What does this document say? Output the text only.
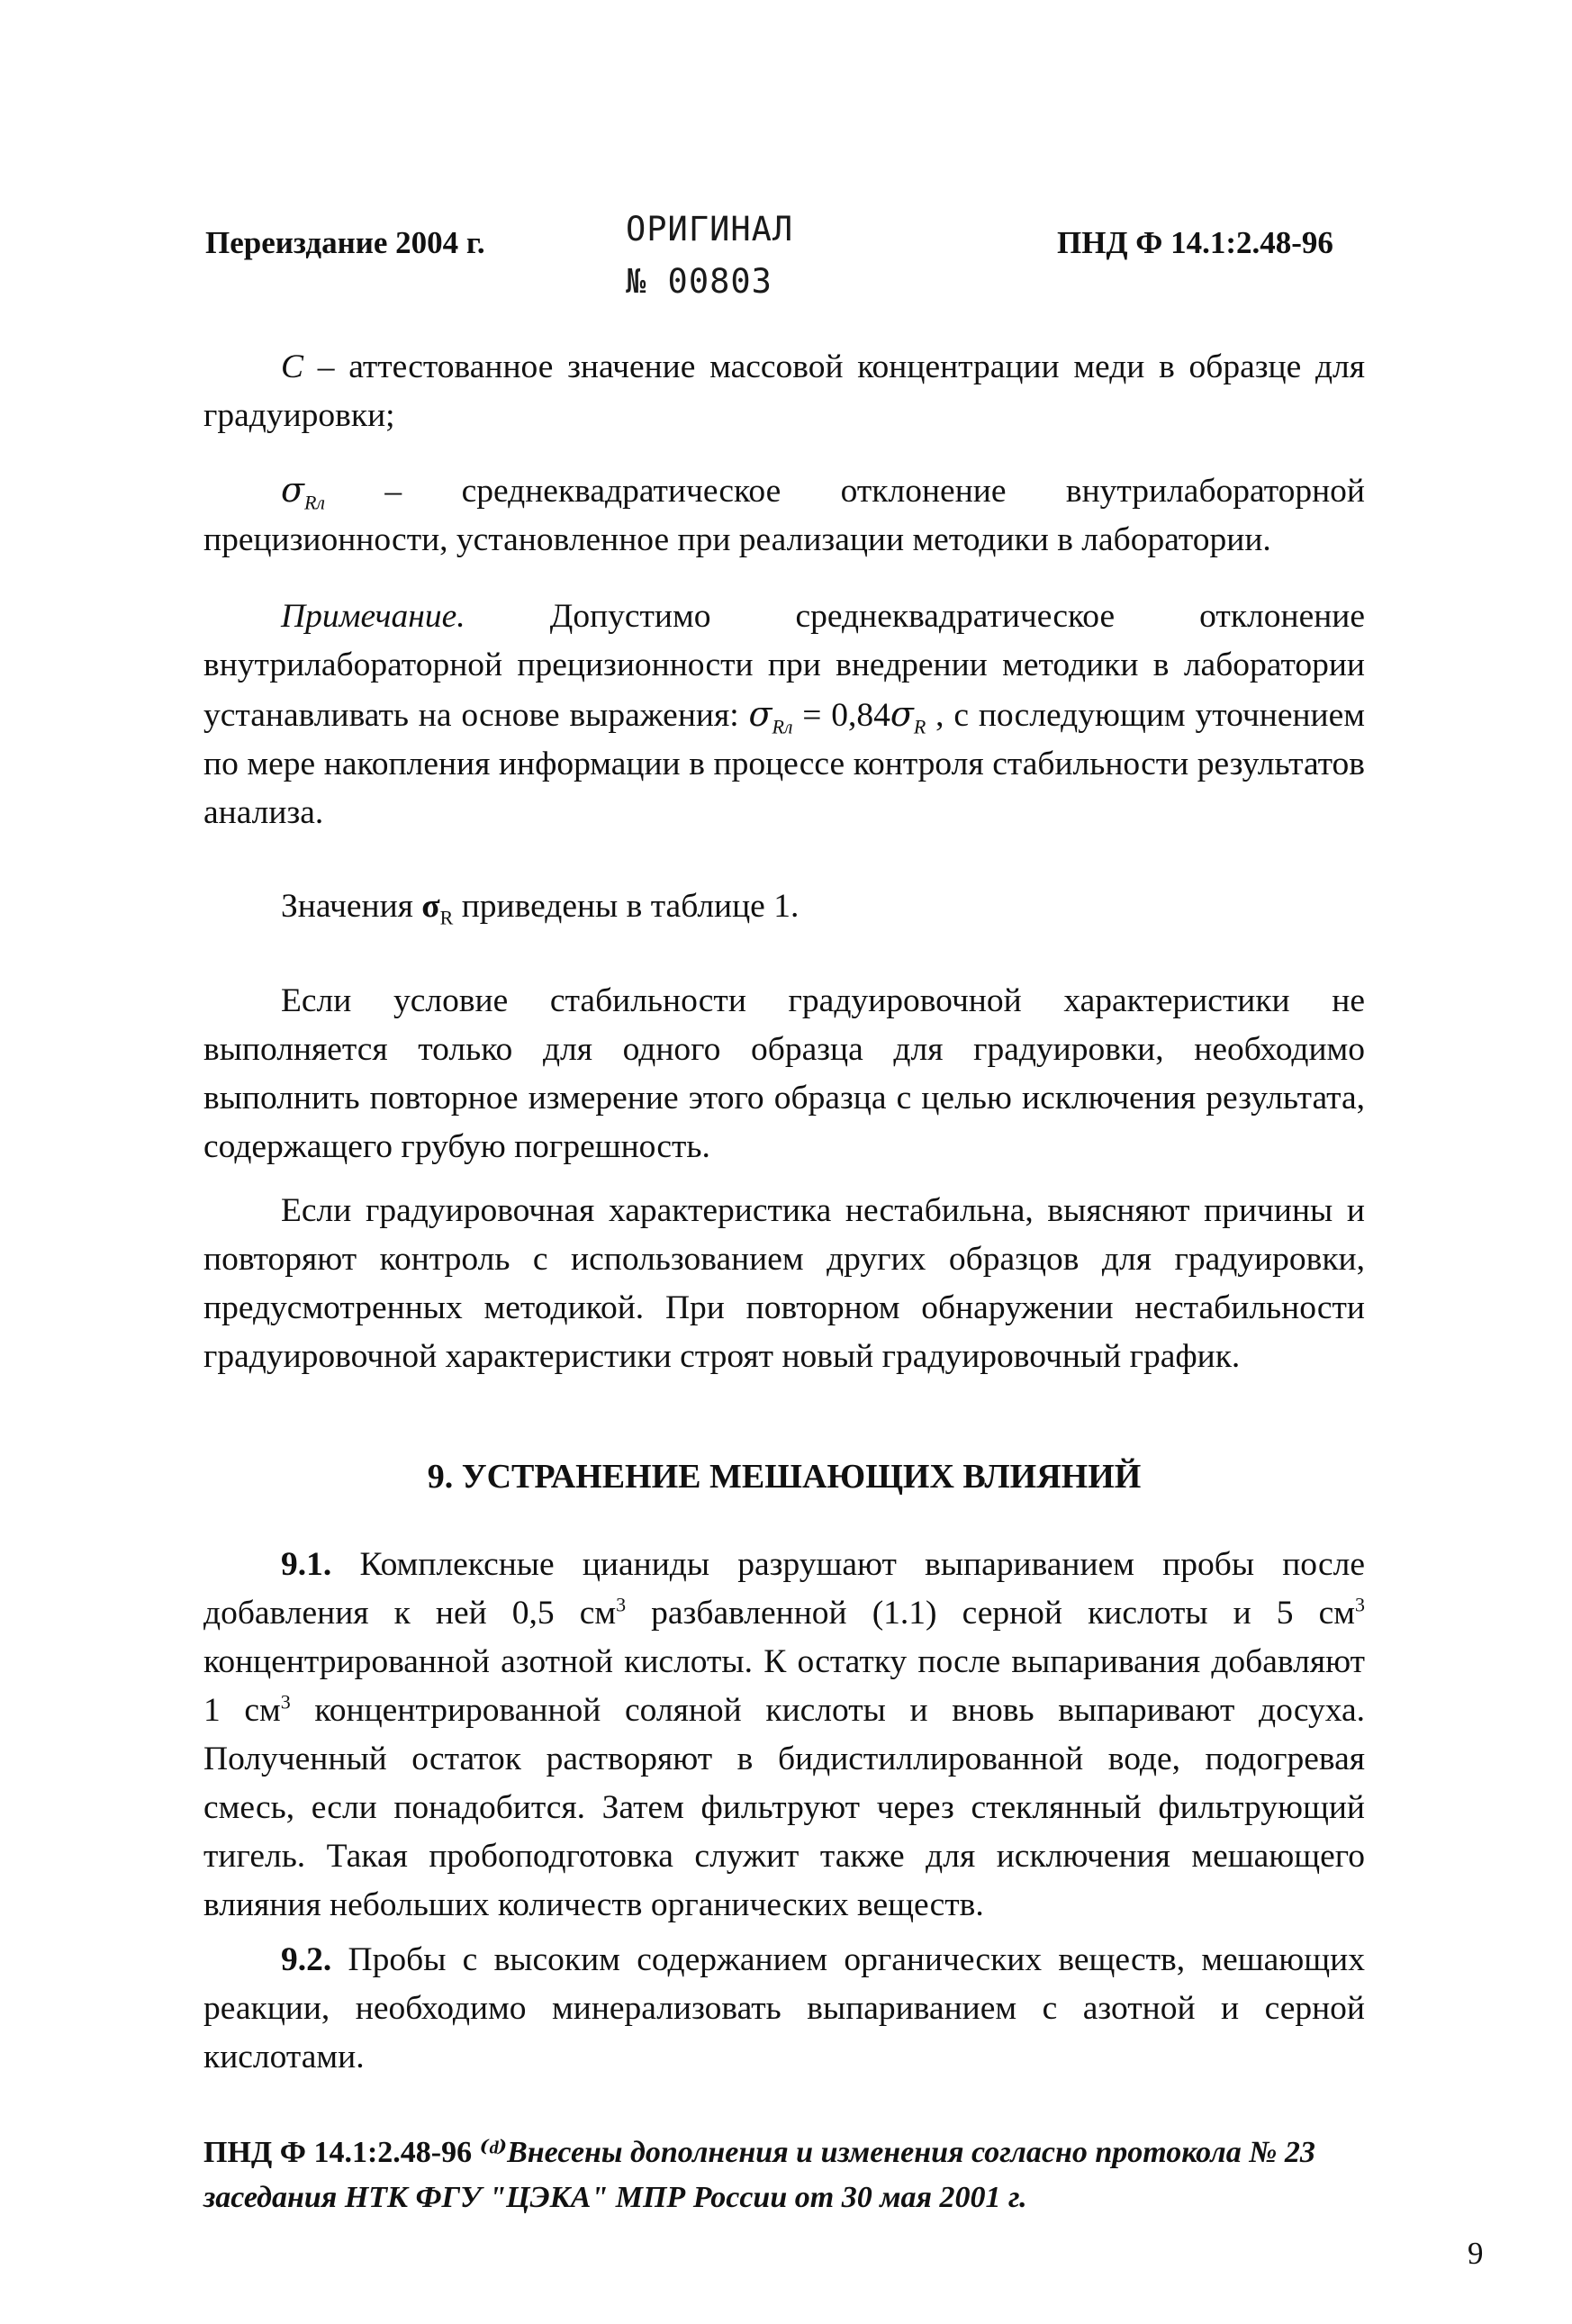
Переиздание 2004 г.	ОРИГИНАЛ
№ 00803
ПНД Ф 14.1:2.48-96

C – аттестованное значение массовой концентрации меди в образце для градуировки;

$\sigma_{Rл}$ – среднеквадратическое отклонение внутрилабораторной прецизионности, установленное при реализации методики в лаборатории.

Примечание. Допустимо среднеквадратическое отклонение внутрилабораторной прецизионности при внедрении методики в лаборатории устанавливать на основе выражения: $\sigma_{Rл} = 0,84\sigma_R$ , с последующим уточнением по мере накопления информации в процессе контроля стабильности результатов анализа.

Значения $\sigma_R$ приведены в таблице 1.

Если условие стабильности градуировочной характеристики не выполняется только для одного образца для градуировки, необходимо выполнить повторное измерение этого образца с целью исключения результата, содержащего грубую погрешность.

Если градуировочная характеристика нестабильна, выясняют причины и повторяют контроль с использованием других образцов для градуировки, предусмотренных методикой. При повторном обнаружении нестабильности градуировочной характеристики строят новый градуировочный график.

9. УСТРАНЕНИЕ МЕШАЮЩИХ ВЛИЯНИЙ

9.1. Комплексные цианиды разрушают выпариванием пробы после добавления к ней 0,5 $см^3$ разбавленной (1.1) серной кислоты и 5 $см^3$ концентрированной азотной кислоты. К остатку после выпаривания добавляют 1 $см^3$ концентрированной соляной кислоты и вновь выпаривают досуха. Полученный остаток растворяют в бидистиллированной воде, подогревая смесь, если понадобится. Затем фильтруют через стеклянный фильтрующий тигель. Такая пробоподготовка служит также для исключения мешающего влияния небольших количеств органических веществ.

9.2. Пробы с высоким содержанием органических веществ, мешающих реакции, необходимо минерализовать выпариванием с азотной и серной кислотами.

ПНД Ф 14.1:2.48-96 ⁽ᵈ⁾Внесены дополнения и изменения согласно протокола № 23 заседания НТК ФГУ "ЦЭКА" МПР России от 30 мая 2001 г.
9
